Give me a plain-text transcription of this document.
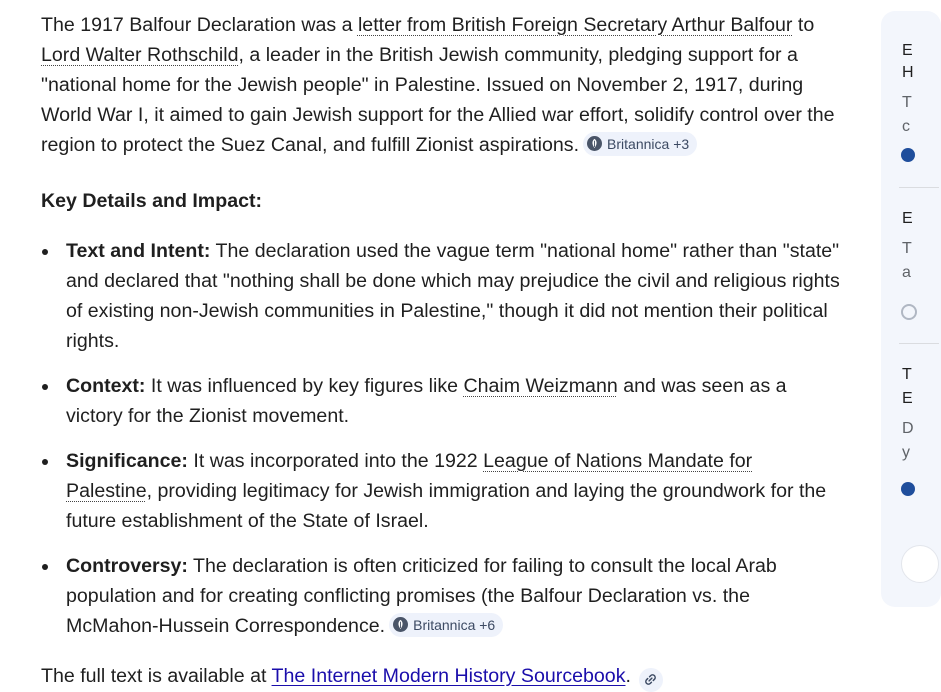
The 1917 Balfour Declaration was a letter from British Foreign Secretary Arthur Balfour to Lord Walter Rothschild, a leader in the British Jewish community, pledging support for a "national home for the Jewish people" in Palestine. Issued on November 2, 1917, during World War I, it aimed to gain Jewish support for the Allied war effort, solidify control over the region to protect the Suez Canal, and fulfill Zionist aspirations. Britannica +3

Key Details and Impact:

Text and Intent: The declaration used the vague term "national home" rather than "state" and declared that "nothing shall be done which may prejudice the civil and religious rights of existing non-Jewish communities in Palestine," though it did not mention their political rights.
Context: It was influenced by key figures like Chaim Weizmann and was seen as a victory for the Zionist movement.
Significance: It was incorporated into the 1922 League of Nations Mandate for Palestine, providing legitimacy for Jewish immigration and laying the groundwork for the future establishment of the State of Israel.
Controversy: The declaration is often criticized for failing to consult the local Arab population and for creating conflicting promises (the Balfour Declaration vs. the McMahon-Hussein Correspondence. Britannica +6

The full text is available at The Internet Modern History Sourcebook.

E
H
T
c
E
T
a
T
E
D
y
